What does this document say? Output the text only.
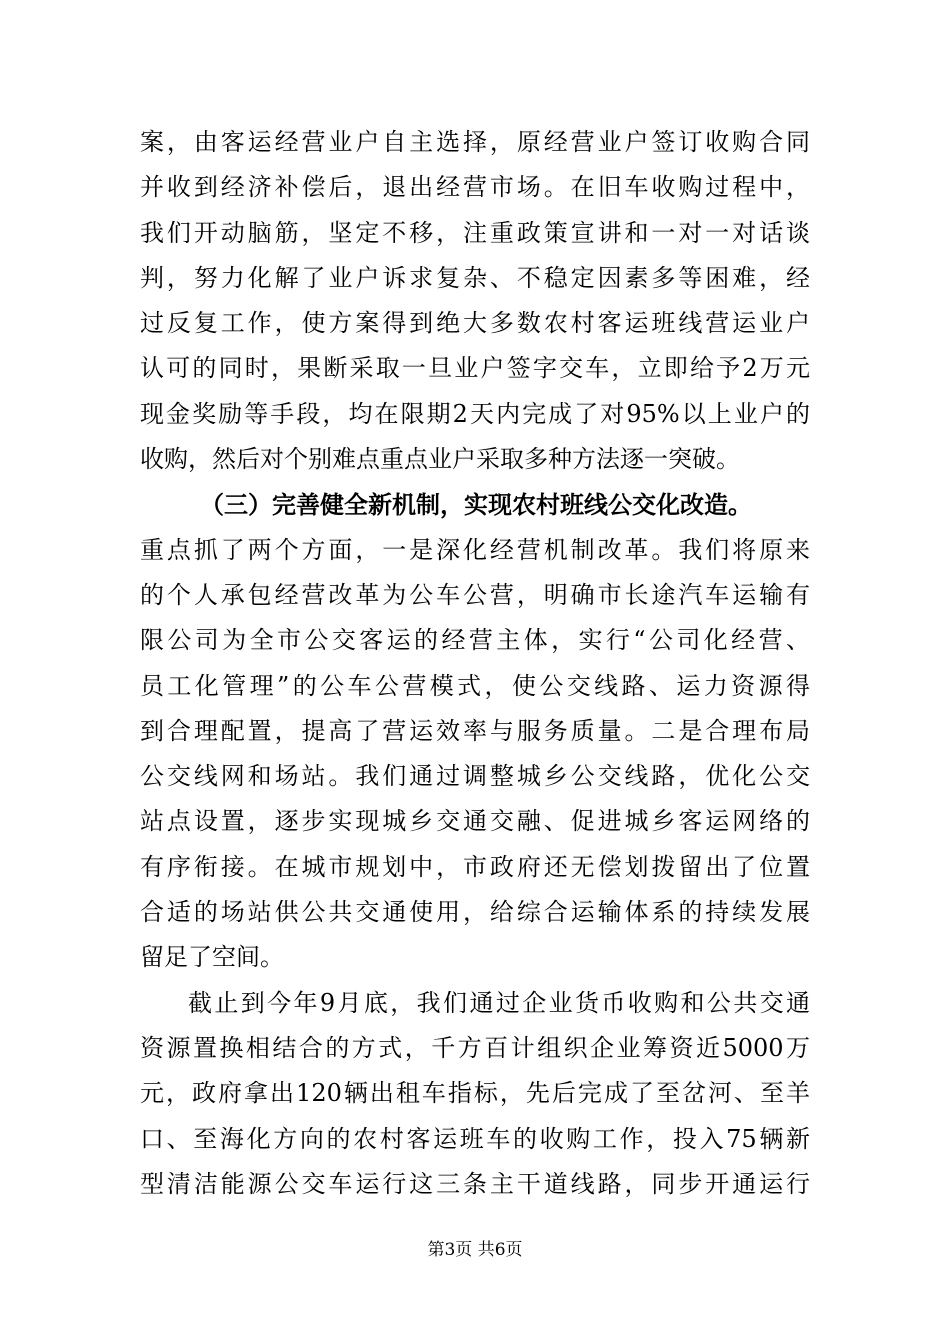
案，由客运经营业户自主选择，原经营业户签订收购合同
并收到经济补偿后，退出经营市场。在旧车收购过程中，
我们开动脑筋，坚定不移，注重政策宣讲和一对一对话谈
判，努力化解了业户诉求复杂、不稳定因素多等困难，经
过反复工作，使方案得到绝大多数农村客运班线营运业户
认可的同时，果断采取一旦业户签字交车，立即给予2万元
现金奖励等手段，均在限期2天内完成了对95%以上业户的
收购，然后对个别难点重点业户采取多种方法逐一突破。
（三）完善健全新机制，实现农村班线公交化改造。
重点抓了两个方面，一是深化经营机制改革。我们将原来
的个人承包经营改革为公车公营，明确市长途汽车运输有
限公司为全市公交客运的经营主体，实行“公司化经营、
员工化管理”的公车公营模式，使公交线路、运力资源得
到合理配置，提高了营运效率与服务质量。二是合理布局
公交线网和场站。我们通过调整城乡公交线路，优化公交
站点设置，逐步实现城乡交通交融、促进城乡客运网络的
有序衔接。在城市规划中，市政府还无偿划拨留出了位置
合适的场站供公共交通使用，给综合运输体系的持续发展
留足了空间。
截止到今年9月底，我们通过企业货币收购和公共交通
资源置换相结合的方式，千方百计组织企业筹资近5000万
元，政府拿出120辆出租车指标，先后完成了至岔河、至羊
口、至海化方向的农村客运班车的收购工作，投入75辆新
型清洁能源公交车运行这三条主干道线路，同步开通运行
第3页 共6页
